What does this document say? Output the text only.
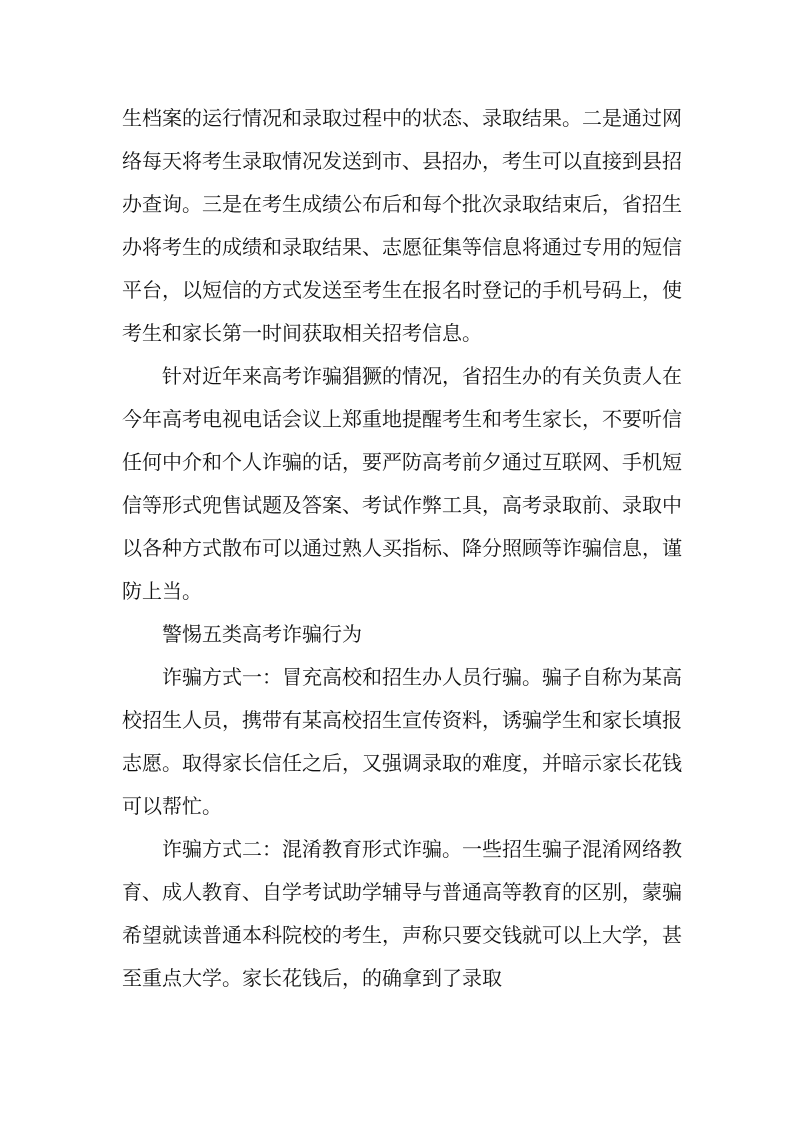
生档案的运行情况和录取过程中的状态、录取结果。二是通过网络每天将考生录取情况发送到市、县招办，考生可以直接到县招办查询。三是在考生成绩公布后和每个批次录取结束后，省招生办将考生的成绩和录取结果、志愿征集等信息将通过专用的短信平台，以短信的方式发送至考生在报名时登记的手机号码上，使考生和家长第一时间获取相关招考信息。

针对近年来高考诈骗猖獗的情况，省招生办的有关负责人在今年高考电视电话会议上郑重地提醒考生和考生家长，不要听信任何中介和个人诈骗的话，要严防高考前夕通过互联网、手机短信等形式兜售试题及答案、考试作弊工具，高考录取前、录取中以各种方式散布可以通过熟人买指标、降分照顾等诈骗信息，谨防上当。

警惕五类高考诈骗行为

诈骗方式一：冒充高校和招生办人员行骗。骗子自称为某高校招生人员，携带有某高校招生宣传资料，诱骗学生和家长填报志愿。取得家长信任之后，又强调录取的难度，并暗示家长花钱可以帮忙。

诈骗方式二：混淆教育形式诈骗。一些招生骗子混淆网络教育、成人教育、自学考试助学辅导与普通高等教育的区别，蒙骗希望就读普通本科院校的考生，声称只要交钱就可以上大学，甚至重点大学。家长花钱后，的确拿到了录取
